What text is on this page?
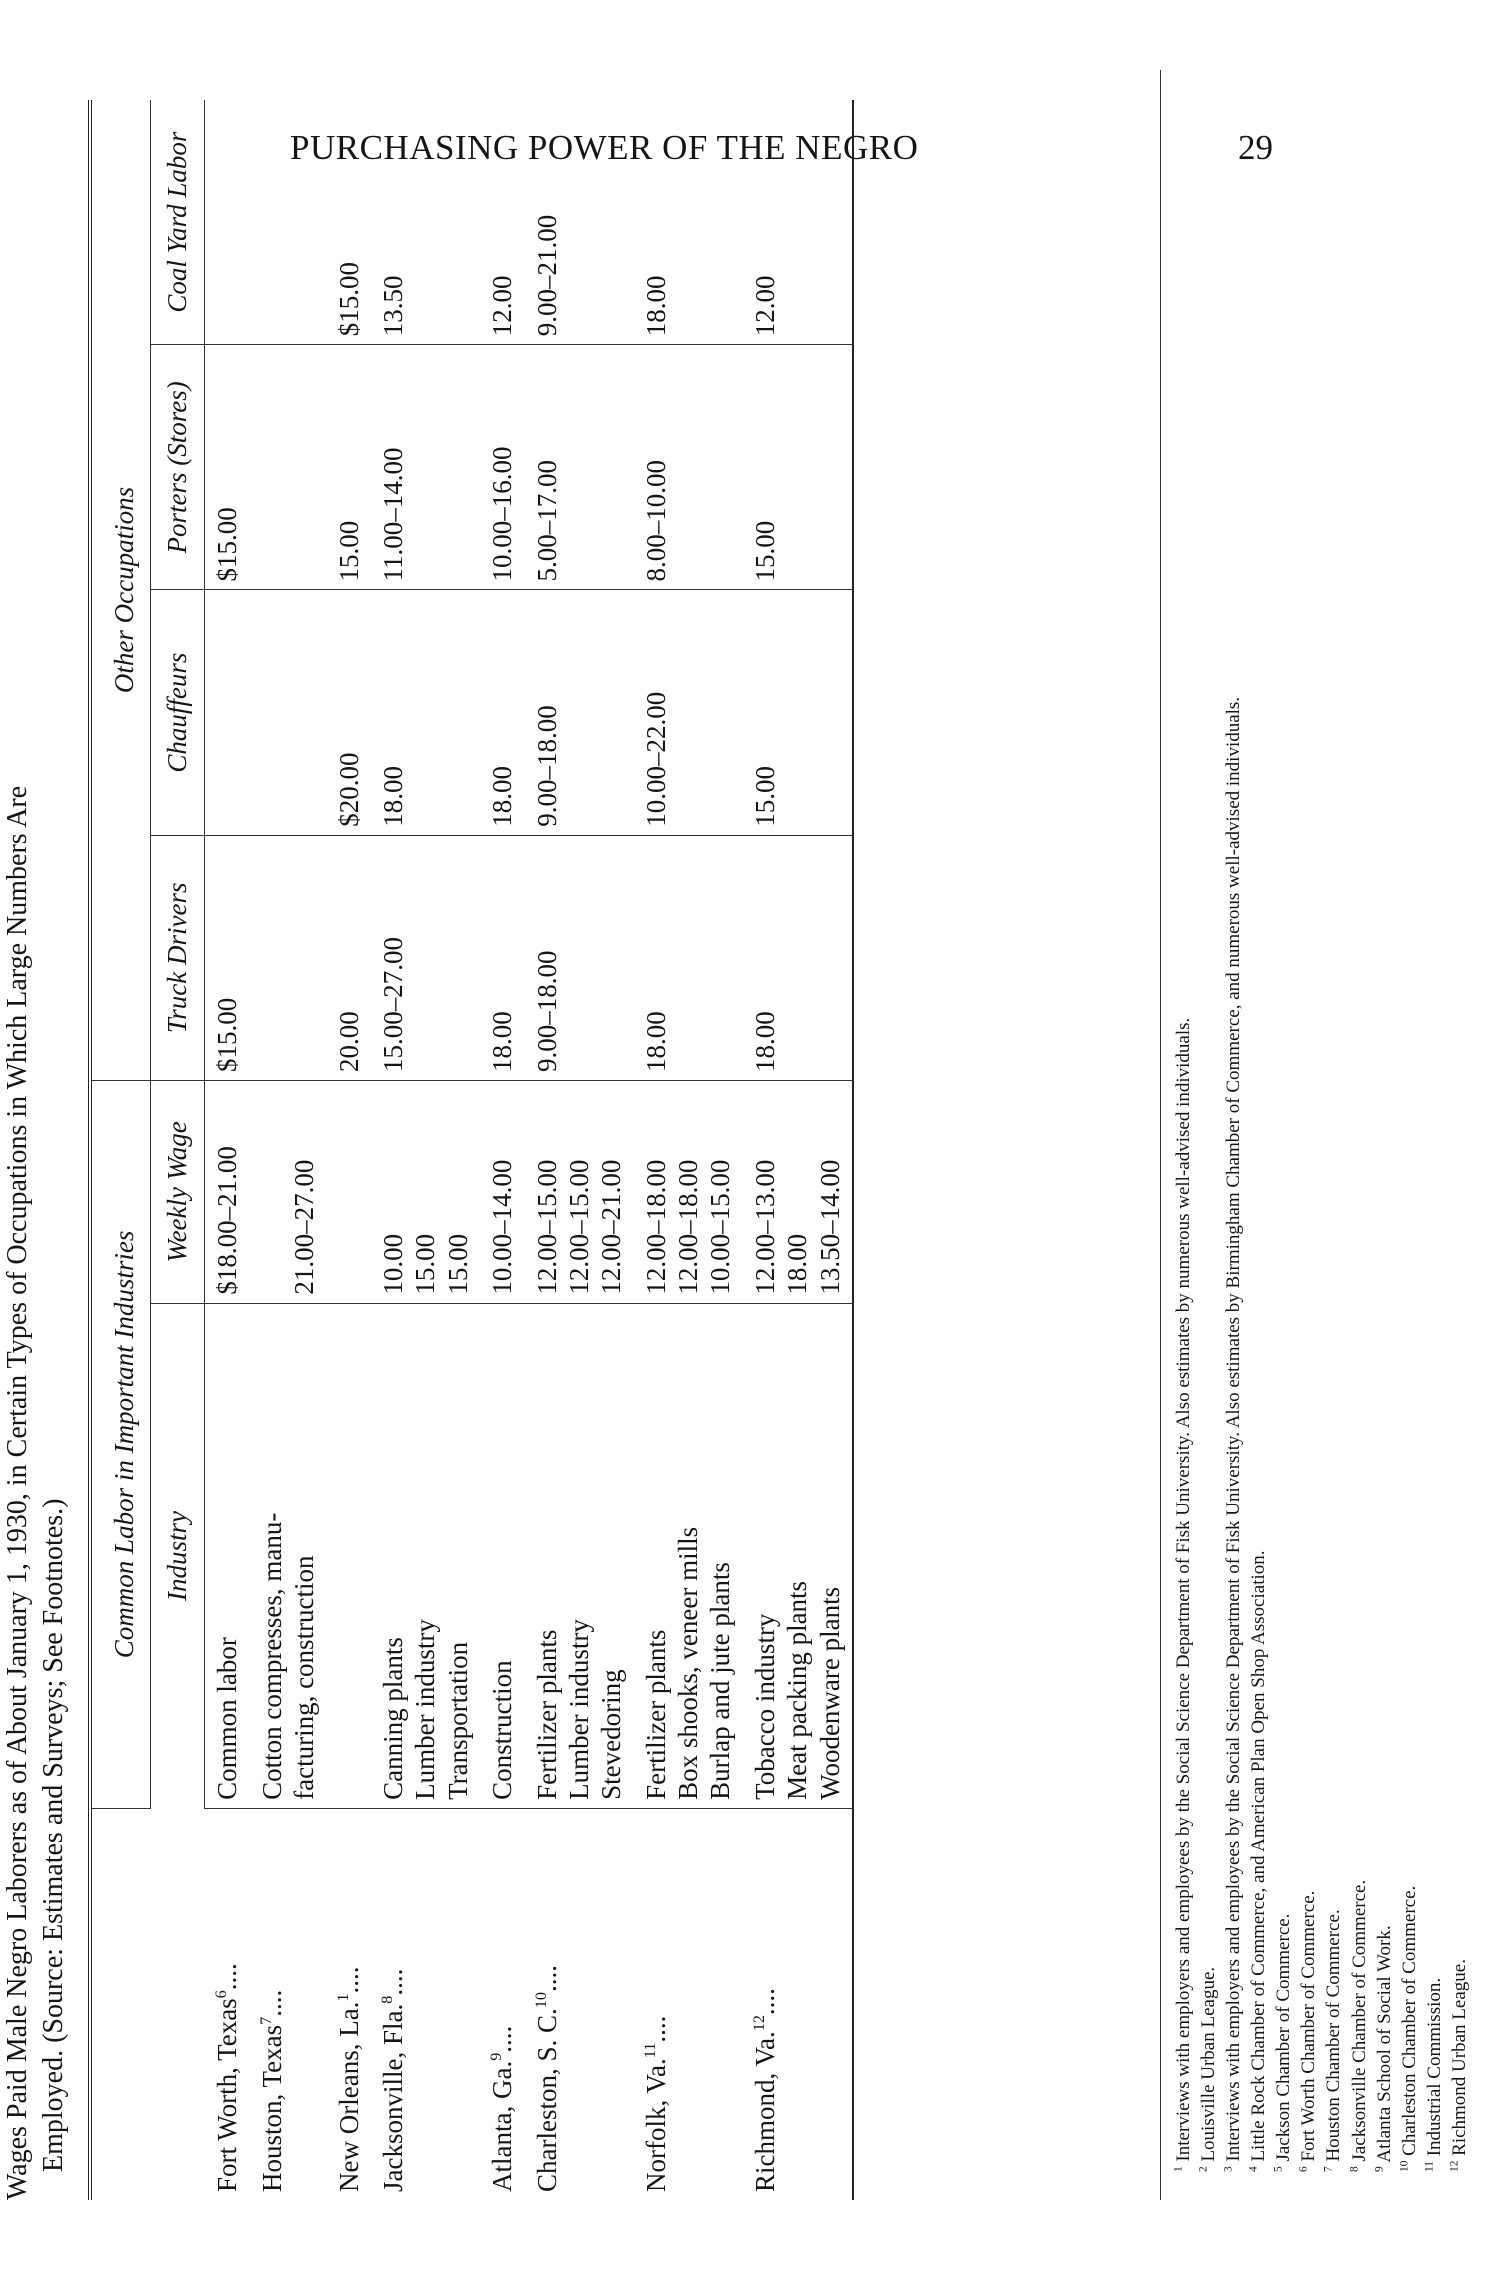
PURCHASING POWER OF THE NEGRO	29
Wages Paid Male Negro Laborers as of About January 1, 1930, in Certain Types of Occupations in Which Large Numbers Are Employed. (Source: Estimates and Surveys; See Footnotes.)
	Common Labor in Important Industries		Other Occupations			
	Industry	Weekly Wage	Truck Drivers	Chauffeurs	Porters (Stores)	Coal Yard Labor
Fort Worth, Texas$^6$....	Common labor	$18.00–21.00	$15.00		$15.00	
Houston, Texas$^7$....	Cotton compresses, manu- facturing, construction	21.00–27.00				

New Orleans, La.$^1$....			20.00	$20.00	15.00	$15.00
Jacksonville, Fla.$^8$....	Canning plants Lumber industry Transportation	10.00 15.00 15.00	15.00–27.00	18.00	11.00–14.00	13.50
Atlanta, Ga.$^9$....	Construction	10.00–14.00	18.00	18.00	10.00–16.00	12.00
Charleston, S. C.$^{10}$....	Fertilizer plants Lumber industry Stevedoring	12.00–15.00 12.00–15.00 12.00–21.00	9.00–18.00	9.00–18.00	5.00–17.00	9.00–21.00
Norfolk, Va.$^{11}$....	Fertilizer plants Box shooks, veneer mills Burlap and jute plants	12.00–18.00 12.00–18.00 10.00–15.00	18.00	10.00–22.00	8.00–10.00	18.00
Richmond, Va.$^{12}$....	Tobacco industry Meat packing plants Woodenware plants	12.00–13.00 18.00 13.50–14.00	18.00	15.00	15.00	12.00
$^1$ Interviews with employers and employees by the Social Science Department of Fisk University. Also estimates by numerous well-advised individuals.
$^2$ Louisville Urban League.
$^3$ Interviews with employers and employees by the Social Science Department of Fisk University. Also estimates by Birmingham Chamber of Commerce, and numerous well-advised individuals.
$^4$ Little Rock Chamber of Commerce, and American Plan Open Shop Association.
$^5$ Jackson Chamber of Commerce.
$^6$ Fort Worth Chamber of Commerce.
$^7$ Houston Chamber of Commerce.
$^8$ Jacksonville Chamber of Commerce.
$^9$ Atlanta School of Social Work.
$^{10}$ Charleston Chamber of Commerce.
$^{11}$ Industrial Commission.
$^{12}$ Richmond Urban League.
